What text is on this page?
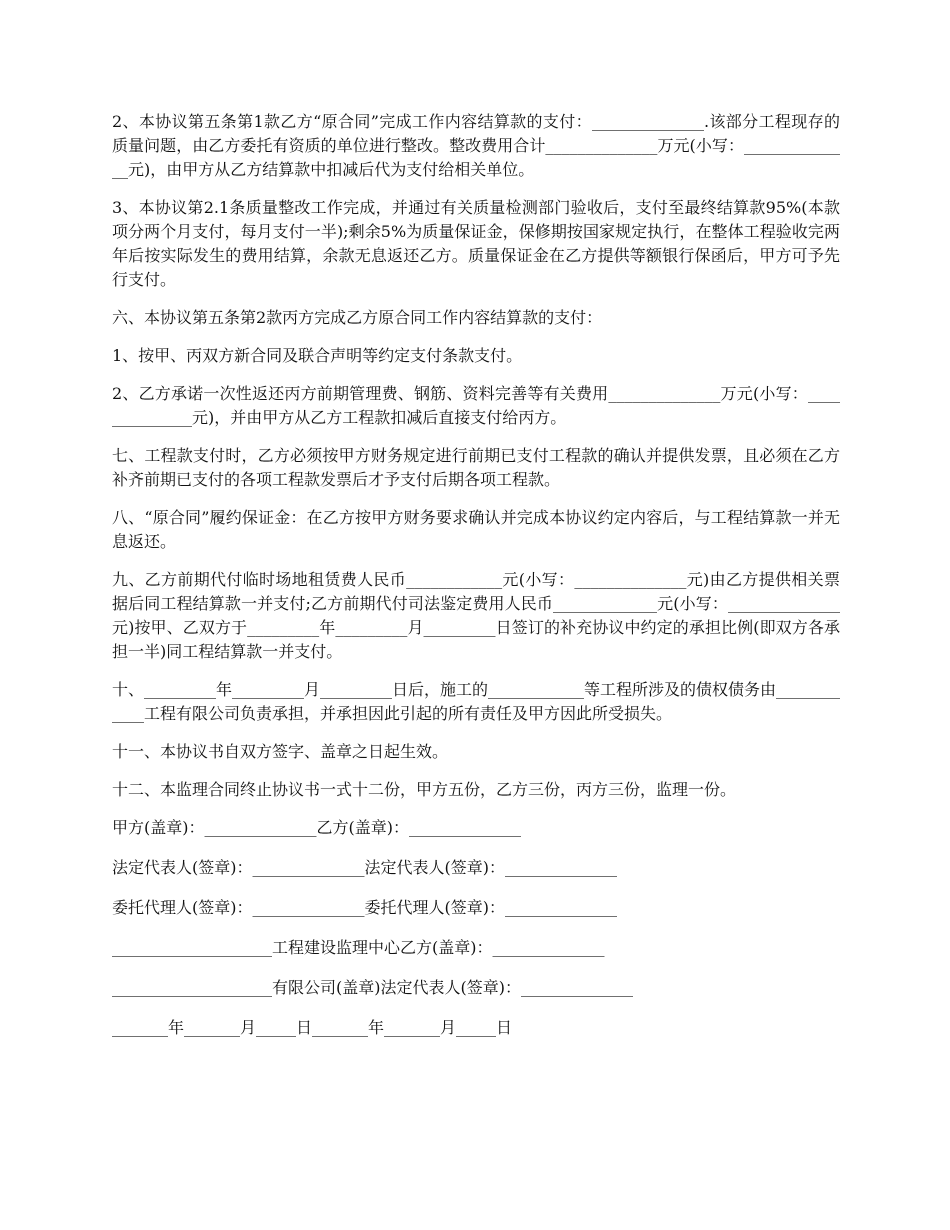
2、本协议第五条第1款乙方“原合同”完成工作内容结算款的支付：______________.该部分工程现存的质量问题，由乙方委托有资质的单位进行整改。整改费用合计______________万元(小写：______________元)，由甲方从乙方结算款中扣减后代为支付给相关单位。

3、本协议第2.1条质量整改工作完成，并通过有关质量检测部门验收后，支付至最终结算款95%(本款项分两个月支付，每月支付一半);剩余5%为质量保证金，保修期按国家规定执行，在整体工程验收完两年后按实际发生的费用结算，余款无息返还乙方。质量保证金在乙方提供等额银行保函后，甲方可予先行支付。

六、本协议第五条第2款丙方完成乙方原合同工作内容结算款的支付：

1、按甲、丙双方新合同及联合声明等约定支付条款支付。

2、乙方承诺一次性返还丙方前期管理费、钢筋、资料完善等有关费用______________万元(小写：______________元)，并由甲方从乙方工程款扣减后直接支付给丙方。

七、工程款支付时，乙方必须按甲方财务规定进行前期已支付工程款的确认并提供发票，且必须在乙方补齐前期已支付的各项工程款发票后才予支付后期各项工程款。

八、“原合同”履约保证金：在乙方按甲方财务要求确认并完成本协议约定内容后，与工程结算款一并无息返还。

九、乙方前期代付临时场地租赁费人民币____________元(小写：______________元)由乙方提供相关票据后同工程结算款一并支付;乙方前期代付司法鉴定费用人民币_____________元(小写：______________元)按甲、乙双方于_________年_________月_________日签订的补充协议中约定的承担比例(即双方各承担一半)同工程结算款一并支付。

十、_________年_________月_________日后，施工的____________等工程所涉及的债权债务由____________工程有限公司负责承担，并承担因此引起的所有责任及甲方因此所受损失。

十一、本协议书自双方签字、盖章之日起生效。

十二、本监理合同终止协议书一式十二份，甲方五份，乙方三份，丙方三份，监理一份。

甲方(盖章)：______________乙方(盖章)：______________

法定代表人(签章)：______________法定代表人(签章)：______________

委托代理人(签章)：______________委托代理人(签章)：______________

____________________工程建设监理中心乙方(盖章)：______________

____________________有限公司(盖章)法定代表人(签章)：______________

_______年_______月_____日_______年_______月_____日
